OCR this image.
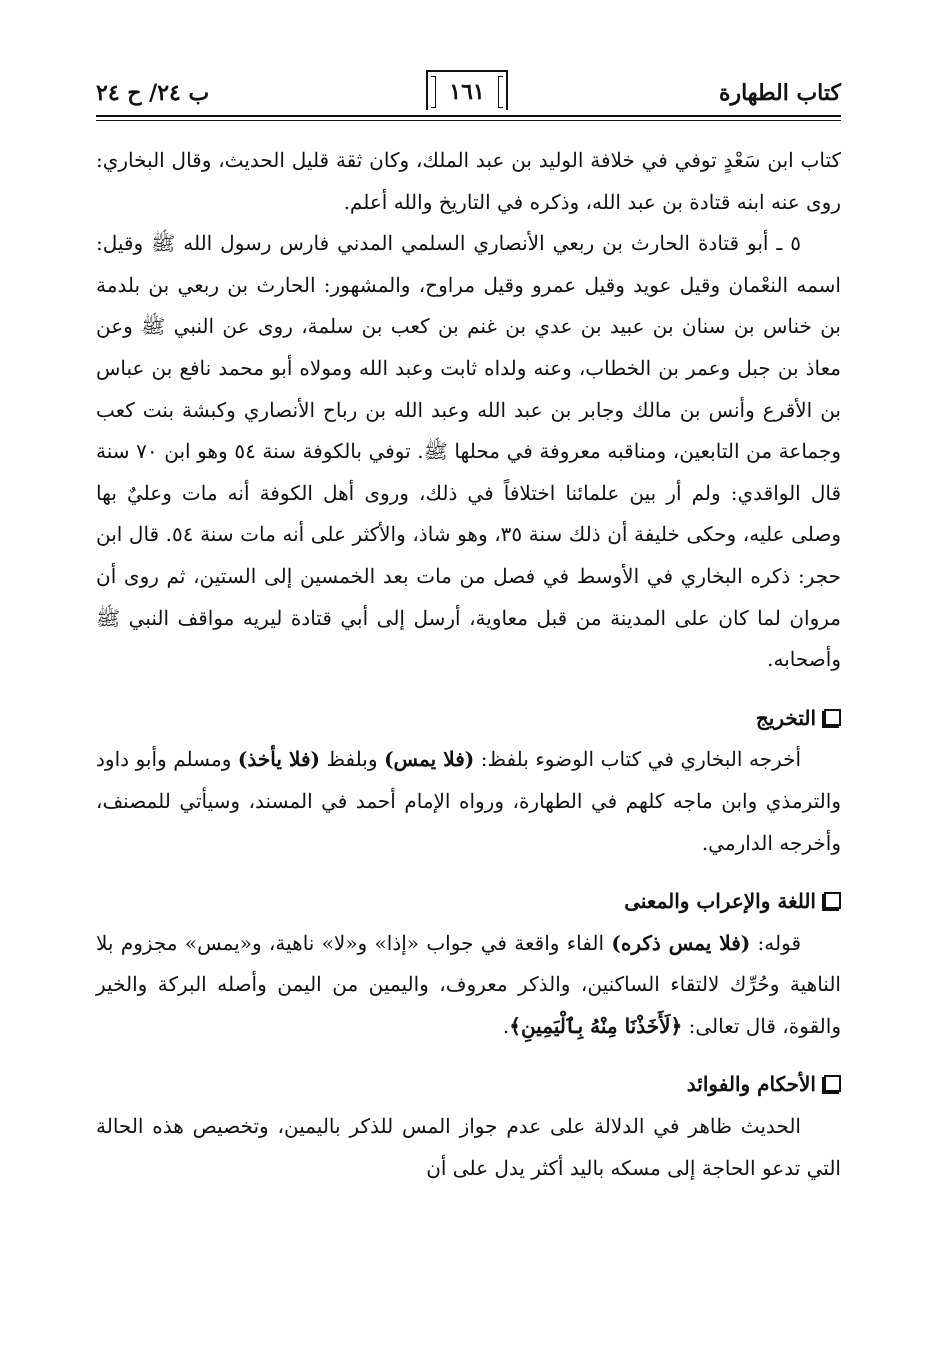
كتاب الطهارة
١٦١
ب ٢٤/ ح ٢٤

كتاب ابن سَعْدٍ توفي في خلافة الوليد بن عبد الملك، وكان ثقة قليل الحديث، وقال البخاري: روى عنه ابنه قتادة بن عبد الله، وذكره في التاريخ والله أعلم.

٥ ـ أبو قتادة الحارث بن ربعي الأنصاري السلمي المدني فارس رسول الله ﷺ وقيل: اسمه النعْمان وقيل عويد وقيل عمرو وقيل مراوح، والمشهور: الحارث بن ربعي بن بلدمة بن خناس بن سنان بن عبيد بن عدي بن غنم بن كعب بن سلمة، روى عن النبي ﷺ وعن معاذ بن جبل وعمر بن الخطاب، وعنه ولداه ثابت وعبد الله ومولاه أبو محمد نافع بن عباس بن الأقرع وأنس بن مالك وجابر بن عبد الله وعبد الله بن رباح الأنصاري وكبشة بنت كعب وجماعة من التابعين، ومناقبه معروفة في محلها ﷺ. توفي بالكوفة سنة ٥٤ وهو ابن ٧٠ سنة قال الواقدي: ولم أر بين علمائنا اختلافاً في ذلك، وروى أهل الكوفة أنه مات وعليٌ بها وصلى عليه، وحكى خليفة أن ذلك سنة ٣٥، وهو شاذ، والأكثر على أنه مات سنة ٥٤. قال ابن حجر: ذكره البخاري في الأوسط في فصل من مات بعد الخمسين إلى الستين، ثم روى أن مروان لما كان على المدينة من قبل معاوية، أرسل إلى أبي قتادة ليريه مواقف النبي ﷺ وأصحابه.

التخريج

أخرجه البخاري في كتاب الوضوء بلفظ: (فلا يمس) وبلفظ (فلا يأخذ) ومسلم وأبو داود والترمذي وابن ماجه كلهم في الطهارة، ورواه الإمام أحمد في المسند، وسيأتي للمصنف، وأخرجه الدارمي.

اللغة والإعراب والمعنى

قوله: (فلا يمس ذكره) الفاء واقعة في جواب «إذا» و«لا» ناهية، و«يمس» مجزوم بلا الناهية وحُرِّك لالتقاء الساكنين، والذكر معروف، واليمين من اليمن وأصله البركة والخير والقوة، قال تعالى: ﴿لَأَخَذْنَا مِنْهُ بِٱلْيَمِينِ﴾.

الأحكام والفوائد

الحديث ظاهر في الدلالة على عدم جواز المس للذكر باليمين، وتخصيص هذه الحالة التي تدعو الحاجة إلى مسكه باليد أكثر يدل على أن
